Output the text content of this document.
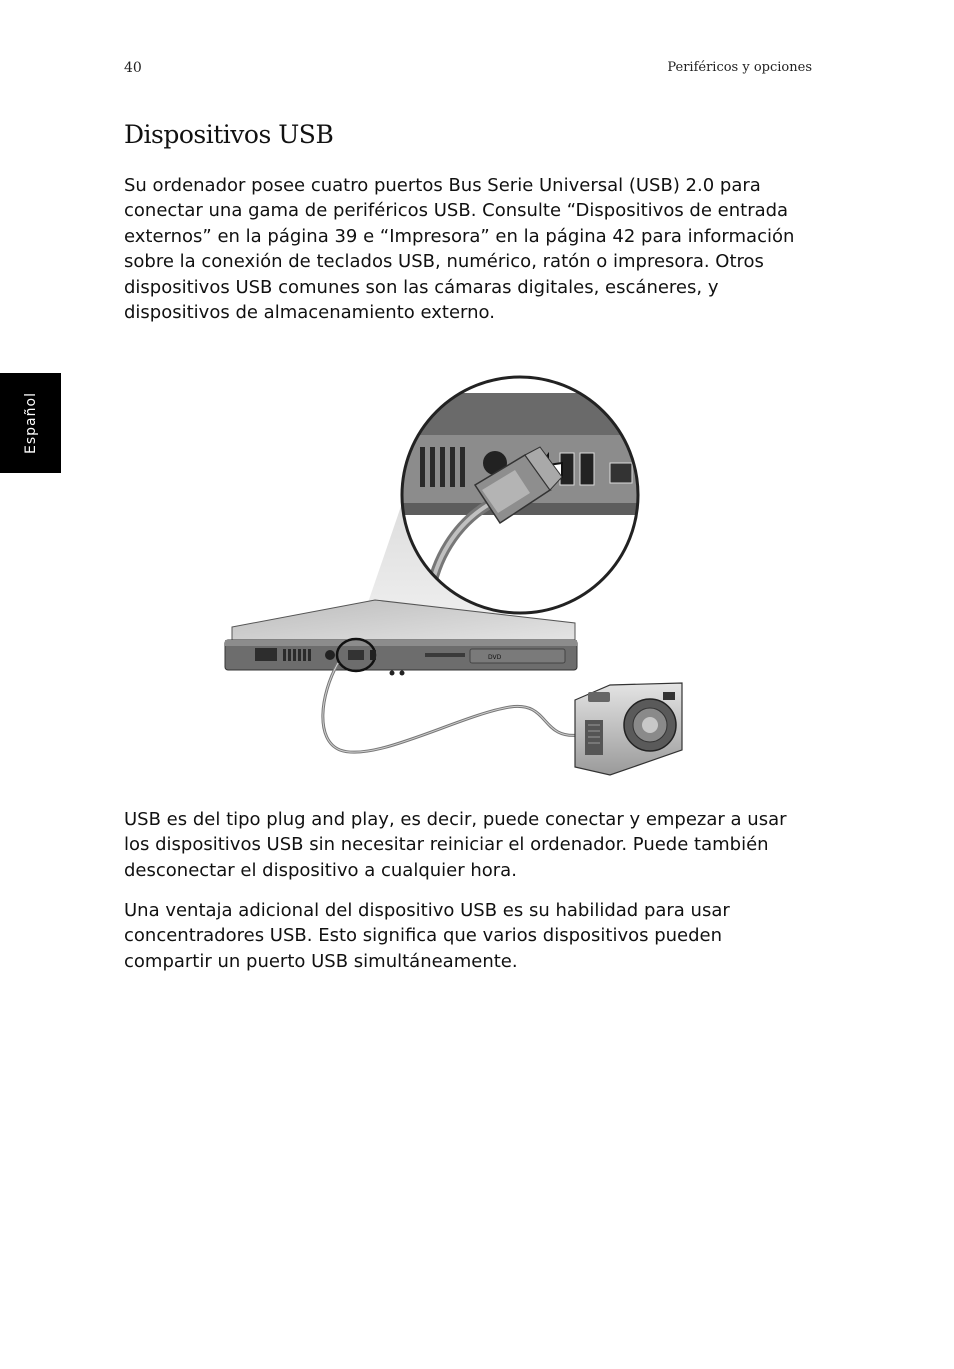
40	Periféricos y opciones
Español
Dispositivos USB

Su ordenador posee cuatro puertos Bus Serie Universal (USB) 2.0 para conectar una gama de periféricos USB. Consulte “Dispositivos de entrada externos” en la página 39 e “Impresora” en la página 42 para información sobre la conexión de teclados USB, numérico, ratón o impresora. Otros dispositivos USB comunes son las cámaras digitales, escáneres, y dispositivos de almacenamiento externo.

DVD

USB es del tipo plug and play, es decir, puede conectar y empezar a usar los dispositivos USB sin necesitar reiniciar el ordenador. Puede también desconectar el dispositivo a cualquier hora.

Una ventaja adicional del dispositivo USB es su habilidad para usar concentradores USB. Esto significa que varios dispositivos pueden compartir un puerto USB simultáneamente.
